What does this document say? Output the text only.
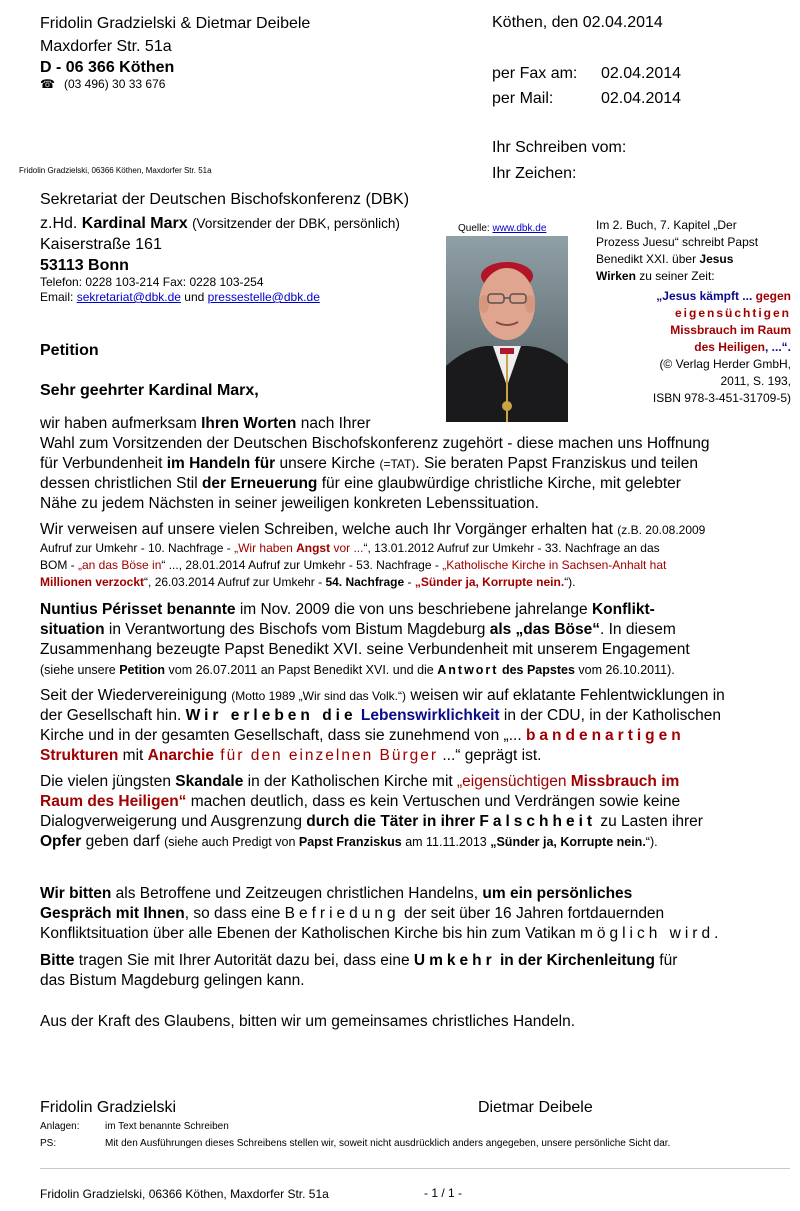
Fridolin Gradzielski & Dietmar Deibele
Maxdorfer Str. 51a
D - 06 366 Köthen
☎ (03 496) 30 33 676
Fridolin Gradzielski, 06366 Köthen, Maxdorfer Str. 51a
Köthen, den 02.04.2014
per Fax am: 02.04.2014
per Mail:	02.04.2014
Ihr Schreiben vom:
Ihr Zeichen:
Sekretariat der Deutschen Bischofskonferenz (DBK)
z.Hd. Kardinal Marx (Vorsitzender der DBK, persönlich)
Kaiserstraße 161
53113 Bonn
Telefon: 0228 103-214 Fax: 0228 103-254
Email: sekretariat@dbk.de und pressestelle@dbk.de
Quelle: www.dbk.de	Im 2. Buch, 7. Kapitel „Der
Prozess Juesu“ schreibt Papst
Benedikt XXI. über Jesus
Wirken zu seiner Zeit:
„Jesus kämpft ... gegen
eigensüchtigen
Missbrauch im Raum
des Heiligen, ...“.
(© Verlag Herder GmbH,
2011, S. 193,
ISBN 978-3-451-31709-5)
Petition
Sehr geehrter Kardinal Marx,
wir haben aufmerksam Ihren Worten nach Ihrer
Wahl zum Vorsitzenden der Deutschen Bischofskonferenz zugehört - diese machen uns Hoffnung
für Verbundenheit im Handeln für unsere Kirche (=TAT). Sie beraten Papst Franziskus und teilen
dessen christlichen Stil der Erneuerung für eine glaubwürdige christliche Kirche, mit gelebter
Nähe zu jedem Nächsten in seiner jeweiligen konkreten Lebenssituation.
Wir verweisen auf unsere vielen Schreiben, welche auch Ihr Vorgänger erhalten hat (z.B. 20.08.2009
Aufruf zur Umkehr - 10. Nachfrage - „Wir haben Angst vor ...“, 13.01.2012 Aufruf zur Umkehr - 33. Nachfrage an das
BOM - „an das Böse in“ ..., 28.01.2014 Aufruf zur Umkehr - 53. Nachfrage - „Katholische Kirche in Sachsen-Anhalt hat
Millionen verzockt“, 26.03.2014 Aufruf zur Umkehr - 54. Nachfrage - „Sünder ja, Korrupte nein.“).
Nuntius Périsset benannte im Nov. 2009 die von uns beschriebene jahrelange Konflikt-
situation in Verantwortung des Bischofs vom Bistum Magdeburg als „das Böse“. In diesem
Zusammenhang bezeugte Papst Benedikt XVI. seine Verbundenheit mit unserem Engagement
(siehe unsere Petition vom 26.07.2011 an Papst Benedikt XVI. und die Antwort des Papstes vom 26.10.2011).
Seit der Wiedervereinigung (Motto 1989 „Wir sind das Volk.“) weisen wir auf eklatante Fehlentwicklungen in
der Gesellschaft hin. Wir erleben die Lebenswirklichkeit in der CDU, in der Katholischen
Kirche und in der gesamten Gesellschaft, dass sie zunehmend von „... bandenartigen
Strukturen mit Anarchie für den einzelnen Bürger ...“ geprägt ist.
Die vielen jüngsten Skandale in der Katholischen Kirche mit „eigensüchtigen Missbrauch im
Raum des Heiligen“ machen deutlich, dass es kein Vertuschen und Verdrängen sowie keine
Dialogverweigerung und Ausgrenzung durch die Täter in ihrer Falschheit zu Lasten ihrer
Opfer geben darf (siehe auch Predigt von Papst Franziskus am 11.11.2013 „Sünder ja, Korrupte nein.“).
Wir bitten als Betroffene und Zeitzeugen christlichen Handelns, um ein persönliches
Gespräch mit Ihnen, so dass eine Befriedung der seit über 16 Jahren fortdauernden
Konfliktsituation über alle Ebenen der Katholischen Kirche bis hin zum Vatikan möglich wird.
Bitte tragen Sie mit Ihrer Autorität dazu bei, dass eine Umkehr in der Kirchenleitung für
das Bistum Magdeburg gelingen kann.
Aus der Kraft des Glaubens, bitten wir um gemeinsames christliches Handeln.
Fridolin Gradzielski	Dietmar Deibele
Anlagen:	im Text benannte Schreiben
PS:	Mit den Ausführungen dieses Schreibens stellen wir, soweit nicht ausdrücklich anders angegeben, unsere persönliche Sicht dar.
Fridolin Gradzielski, 06366 Köthen, Maxdorfer Str. 51a	- 1 / 1 -
